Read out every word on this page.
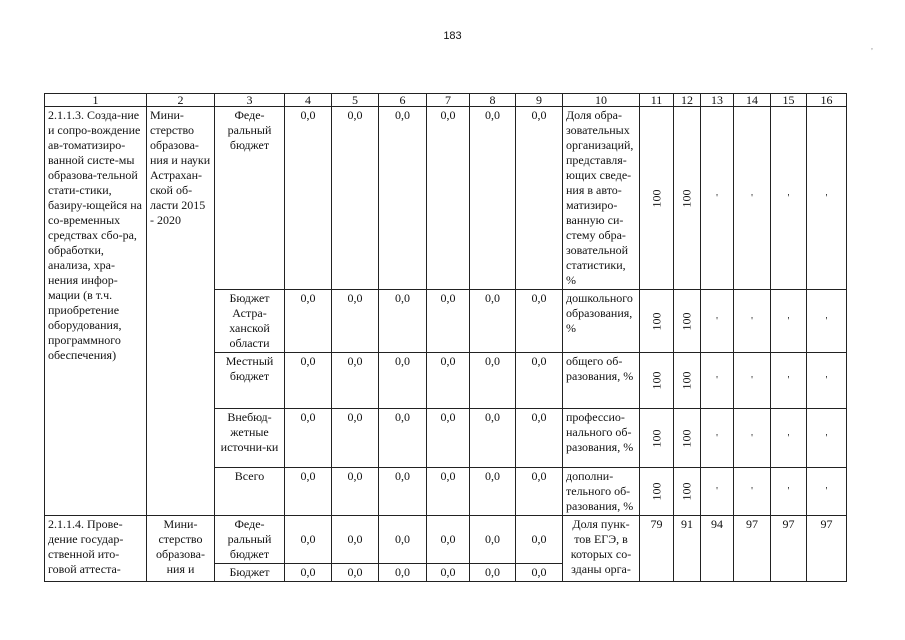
183
,
1	2	3	4	5	6	7	8	9	10	11	12	13	14	15	16
2.1.1.3. Созда-ние и сопро-вождение ав-томатизиро-ванной систе-мы образова-тельной стати-стики, базиру-ющейся на со-временных средствах сбо-ра, обработки, анализа, хра-нения инфор-мации (в т.ч. приобретение оборудования, программного обеспечения)	Мини-стерство образова-ния и науки Астрахан-ской об-ласти 2015 - 2020	Феде-ральный бюджет	0,0	0,0	0,0	0,0	0,0	0,0	Доля обра-зовательных организаций, представля-ющих сведе-ния в авто-матизиро-ванную си-стему обра-зовательной статистики, %	100	100	'	'	'	'
		Бюджет Астра-ханской области	0,0	0,0	0,0	0,0	0,0	0,0	дошкольного образования, %	100	100	'	'	'	'
		Местный бюджет	0,0	0,0	0,0	0,0	0,0	0,0	общего об-разования, %	100	100	'	'	'	'
		Внебюд-жетные источни-ки	0,0	0,0	0,0	0,0	0,0	0,0	профессио-нального об-разования, %	100	100	'	'	'	'
		Всего	0,0	0,0	0,0	0,0	0,0	0,0	дополни-тельного об-разования, %	100	100	'	'	'	'
2.1.1.4. Прове-дение государ-ственной ито-говой аттеста-	Мини-стерство образова-ния и	Феде-ральный бюджет	0,0	0,0	0,0	0,0	0,0	0,0	Доля пунк-тов ЕГЭ, в которых со-зданы орга-	79	91	94	97	97	97
		Бюджет	0,0	0,0	0,0	0,0	0,0	0,0							
